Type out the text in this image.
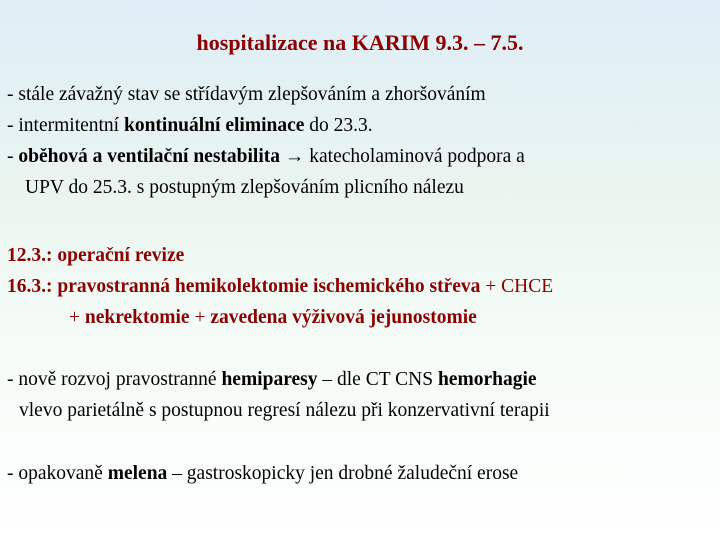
hospitalizace na KARIM 9.3. – 7.5.
- stále závažný stav se střídavým zlepšováním a zhoršováním
- intermitentní kontinuální eliminace do 23.3.
- oběhová a ventilační nestabilita → katecholaminová podpora a
UPV do 25.3. s postupným zlepšováním plicního nálezu
12.3.: operační revize
16.3.: pravostranná hemikolektomie ischemického střeva + CHCE
+ nekrektomie + zavedena výživová jejunostomie
- nově rozvoj pravostranné hemiparesy – dle CT CNS hemorhagie
vlevo parietálně s postupnou regresí nálezu při konzervativní terapii
- opakovaně melena – gastroskopicky jen drobné žaludeční erose
